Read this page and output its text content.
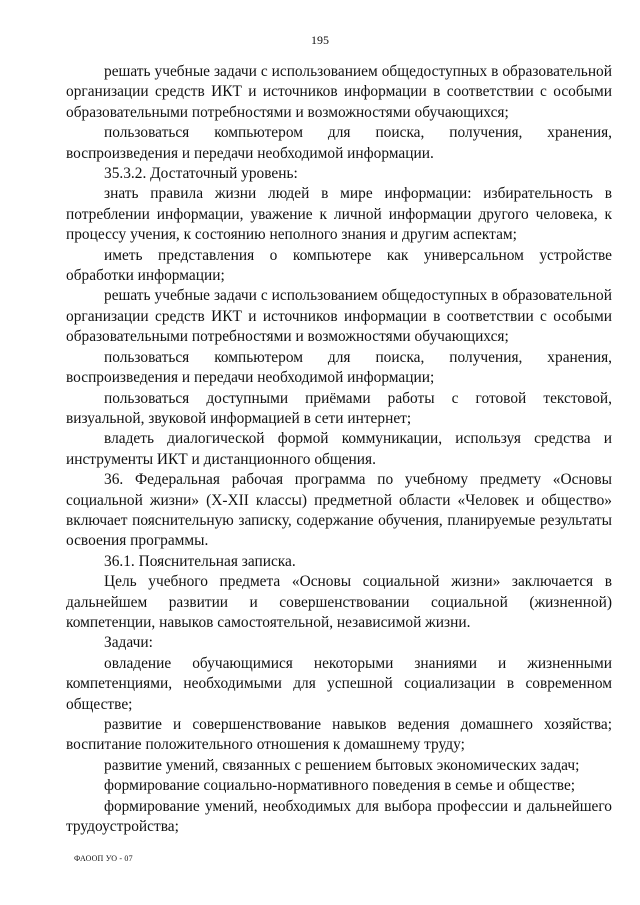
195

решать учебные задачи с использованием общедоступных в образовательной организации средств ИКТ и источников информации в соответствии с особыми образовательными потребностями и возможностями обучающихся;

пользоваться компьютером для поиска, получения, хранения, воспроизведения и передачи необходимой информации.

35.3.2. Достаточный уровень:

знать правила жизни людей в мире информации: избирательность в потреблении информации, уважение к личной информации другого человека, к процессу учения, к состоянию неполного знания и другим аспектам;

иметь представления о компьютере как универсальном устройстве обработки информации;

решать учебные задачи с использованием общедоступных в образовательной организации средств ИКТ и источников информации в соответствии с особыми образовательными потребностями и возможностями обучающихся;

пользоваться компьютером для поиска, получения, хранения, воспроизведения и передачи необходимой информации;

пользоваться доступными приёмами работы с готовой текстовой, визуальной, звуковой информацией в сети интернет;

владеть диалогической формой коммуникации, используя средства и инструменты ИКТ и дистанционного общения.

36. Федеральная рабочая программа по учебному предмету «Основы социальной жизни» (X-XII классы) предметной области «Человек и общество» включает пояснительную записку, содержание обучения, планируемые результаты освоения программы.

36.1. Пояснительная записка.

Цель учебного предмета «Основы социальной жизни» заключается в дальнейшем развитии и совершенствовании социальной (жизненной) компетенции, навыков самостоятельной, независимой жизни.

Задачи:

овладение обучающимися некоторыми знаниями и жизненными компетенциями, необходимыми для успешной социализации в современном обществе;

развитие и совершенствование навыков ведения домашнего хозяйства; воспитание положительного отношения к домашнему труду;

развитие умений, связанных с решением бытовых экономических задач;

формирование социально-нормативного поведения в семье и обществе;

формирование умений, необходимых для выбора профессии и дальнейшего трудоустройства;

ФАООП УО - 07
